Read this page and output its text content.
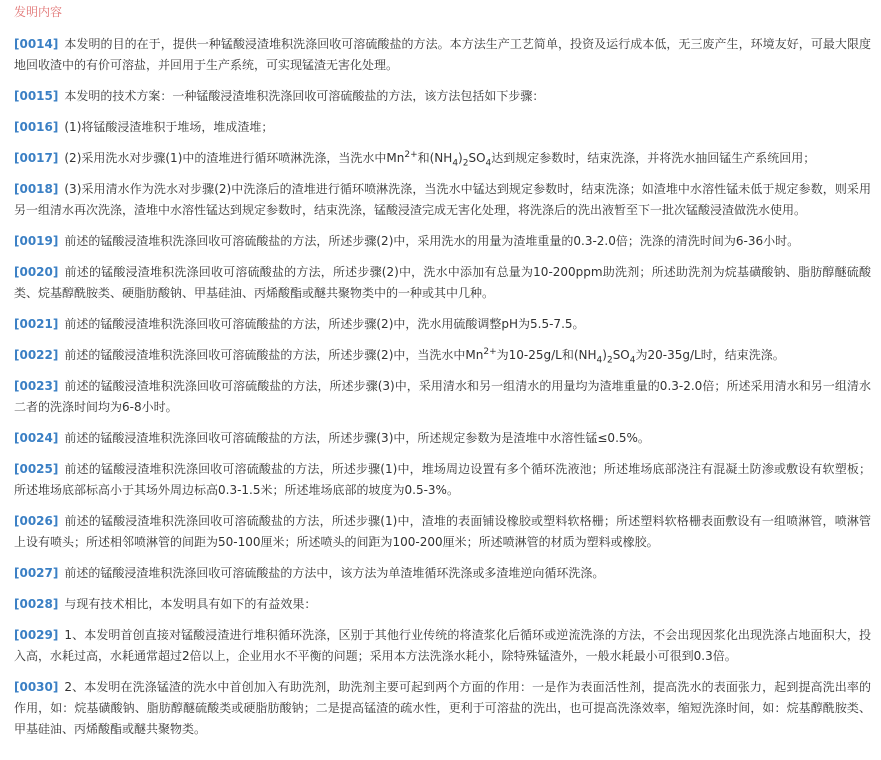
发明内容

[0014] 本发明的目的在于，提供一种锰酸浸渣堆积洗涤回收可溶硫酸盐的方法。本方法生产工艺简单，投资及运行成本低，无三废产生，环境友好，可最大限度地回收渣中的有价可溶盐，并回用于生产系统，可实现锰渣无害化处理。

[0015] 本发明的技术方案：一种锰酸浸渣堆积洗涤回收可溶硫酸盐的方法，该方法包括如下步骤：

[0016] (1)将锰酸浸渣堆积于堆场，堆成渣堆；

[0017] (2)采用洗水对步骤(1)中的渣堆进行循环喷淋洗涤，当洗水中$Mn^{2+}$和$(NH_4)_2SO_4$达到规定参数时，结束洗涤，并将洗水抽回锰生产系统回用；

[0018] (3)采用清水作为洗水对步骤(2)中洗涤后的渣堆进行循环喷淋洗涤，当洗水中锰达到规定参数时，结束洗涤；如渣堆中水溶性锰未低于规定参数，则采用另一组清水再次洗涤，渣堆中水溶性锰达到规定参数时，结束洗涤，锰酸浸渣完成无害化处理，将洗涤后的洗出液暂至下一批次锰酸浸渣做洗水使用。

[0019] 前述的锰酸浸渣堆积洗涤回收可溶硫酸盐的方法，所述步骤(2)中，采用洗水的用量为渣堆重量的0.3-2.0倍；洗涤的清洗时间为6-36小时。

[0020] 前述的锰酸浸渣堆积洗涤回收可溶硫酸盐的方法，所述步骤(2)中，洗水中添加有总量为10-200ppm助洗剂；所述助洗剂为烷基磺酸钠、脂肪醇醚硫酸类、烷基醇酰胺类、硬脂肪酸钠、甲基硅油、丙烯酸酯或醚共聚物类中的一种或其中几种。

[0021] 前述的锰酸浸渣堆积洗涤回收可溶硫酸盐的方法，所述步骤(2)中，洗水用硫酸调整pH为5.5-7.5。

[0022] 前述的锰酸浸渣堆积洗涤回收可溶硫酸盐的方法，所述步骤(2)中，当洗水中$Mn^{2+}$为10-25g/L和$(NH_4)_2SO_4$为20-35g/L时，结束洗涤。

[0023] 前述的锰酸浸渣堆积洗涤回收可溶硫酸盐的方法，所述步骤(3)中，采用清水和另一组清水的用量均为渣堆重量的0.3-2.0倍；所述采用清水和另一组清水二者的洗涤时间均为6-8小时。

[0024] 前述的锰酸浸渣堆积洗涤回收可溶硫酸盐的方法，所述步骤(3)中，所述规定参数为是渣堆中水溶性锰≤0.5%。

[0025] 前述的锰酸浸渣堆积洗涤回收可溶硫酸盐的方法，所述步骤(1)中，堆场周边设置有多个循环洗液池；所述堆场底部浇注有混凝土防渗或敷设有软塑板；所述堆场底部标高小于其场外周边标高0.3-1.5米；所述堆场底部的坡度为0.5-3%。

[0026] 前述的锰酸浸渣堆积洗涤回收可溶硫酸盐的方法，所述步骤(1)中，渣堆的表面铺设橡胶或塑料软格栅；所述塑料软格栅表面敷设有一组喷淋管，喷淋管上设有喷头；所述相邻喷淋管的间距为50-100厘米；所述喷头的间距为100-200厘米；所述喷淋管的材质为塑料或橡胶。

[0027] 前述的锰酸浸渣堆积洗涤回收可溶硫酸盐的方法中，该方法为单渣堆循环洗涤或多渣堆逆向循环洗涤。

[0028] 与现有技术相比，本发明具有如下的有益效果：

[0029] 1、本发明首创直接对锰酸浸渣进行堆积循环洗涤，区别于其他行业传统的将渣浆化后循环或逆流洗涤的方法，不会出现因浆化出现洗涤占地面积大，投入高，水耗过高，水耗通常超过2倍以上，企业用水不平衡的问题；采用本方法洗涤水耗小，除特殊锰渣外，一般水耗最小可很到0.3倍。

[0030] 2、本发明在洗涤锰渣的洗水中首创加入有助洗剂，助洗剂主要可起到两个方面的作用：一是作为表面活性剂，提高洗水的表面张力，起到提高洗出率的作用，如：烷基磺酸钠、脂肪醇醚硫酸类或硬脂肪酸钠；二是提高锰渣的疏水性，更利于可溶盐的洗出，也可提高洗涤效率，缩短洗涤时间，如：烷基醇酰胺类、甲基硅油、丙烯酸酯或醚共聚物类。
